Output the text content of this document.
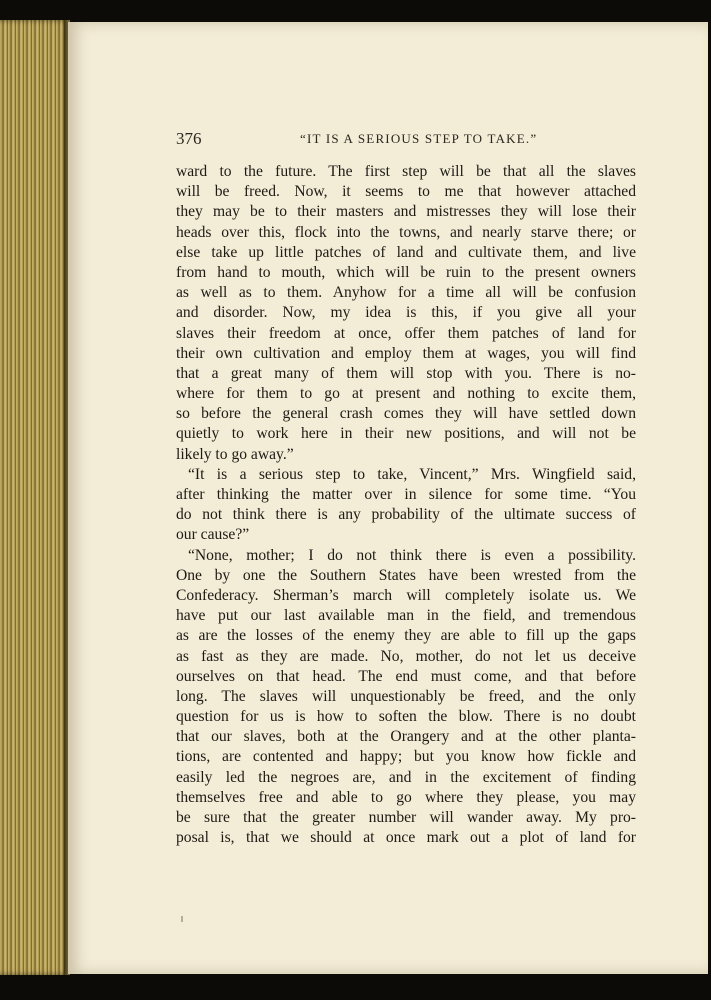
376	“IT IS A SERIOUS STEP TO TAKE.”
ward to the future. The first step will be that all the slaves
will be freed. Now, it seems to me that however attached
they may be to their masters and mistresses they will lose their
heads over this, flock into the towns, and nearly starve there; or
else take up little patches of land and cultivate them, and live
from hand to mouth, which will be ruin to the present owners
as well as to them. Anyhow for a time all will be confusion
and disorder. Now, my idea is this, if you give all your
slaves their freedom at once, offer them patches of land for
their own cultivation and employ them at wages, you will find
that a great many of them will stop with you. There is no-
where for them to go at present and nothing to excite them,
so before the general crash comes they will have settled down
quietly to work here in their new positions, and will not be
likely to go away.”
“It is a serious step to take, Vincent,” Mrs. Wingfield said,
after thinking the matter over in silence for some time. “You
do not think there is any probability of the ultimate success of
our cause?”
“None, mother; I do not think there is even a possibility.
One by one the Southern States have been wrested from the
Confederacy. Sherman’s march will completely isolate us. We
have put our last available man in the field, and tremendous
as are the losses of the enemy they are able to fill up the gaps
as fast as they are made. No, mother, do not let us deceive
ourselves on that head. The end must come, and that before
long. The slaves will unquestionably be freed, and the only
question for us is how to soften the blow. There is no doubt
that our slaves, both at the Orangery and at the other planta-
tions, are contented and happy; but you know how fickle and
easily led the negroes are, and in the excitement of finding
themselves free and able to go where they please, you may
be sure that the greater number will wander away. My pro-
posal is, that we should at once mark out a plot of land for
